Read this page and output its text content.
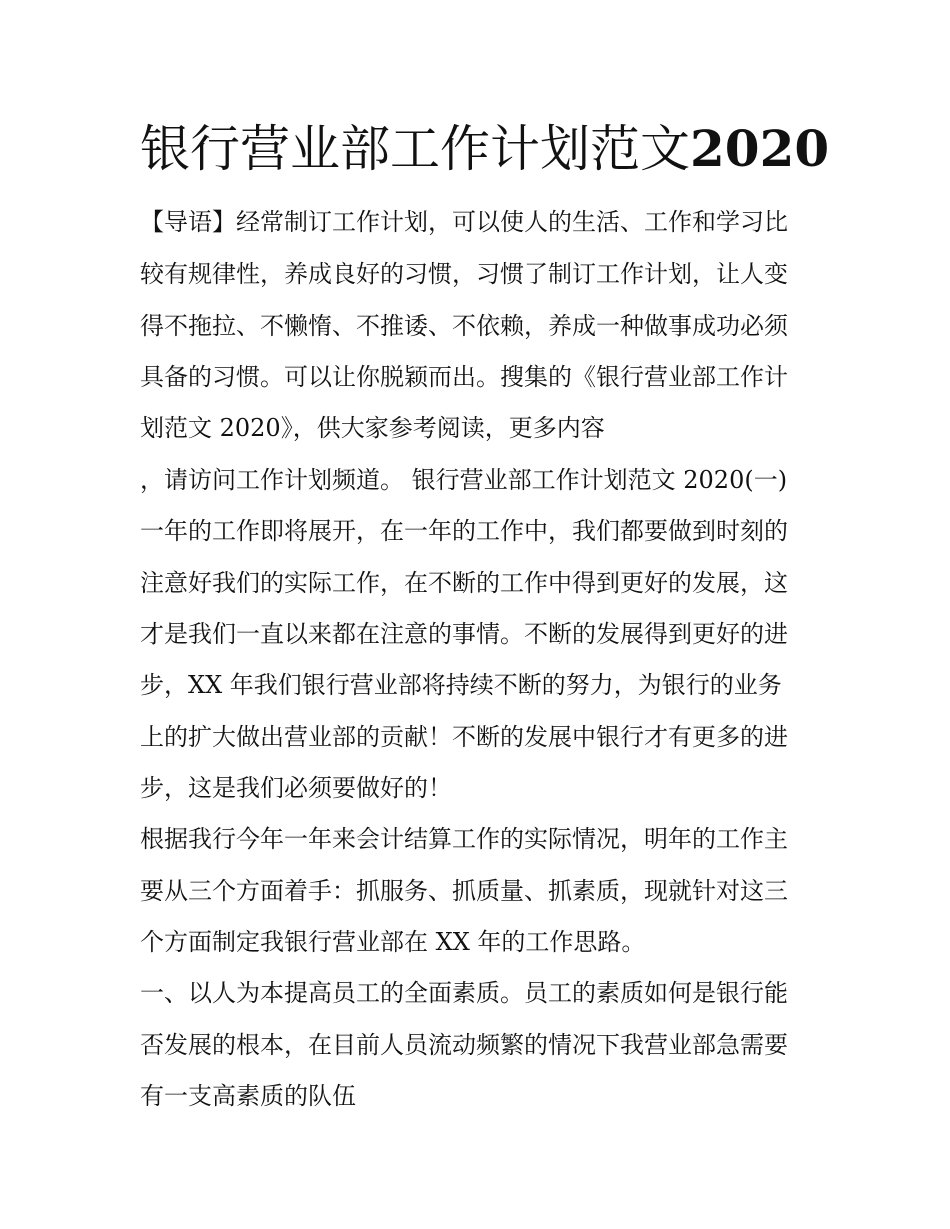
银行营业部工作计划范文2020
【导语】经常制订工作计划，可以使人的生活、工作和学习比
较有规律性，养成良好的习惯，习惯了制订工作计划，让人变
得不拖拉、不懒惰、不推诿、不依赖，养成一种做事成功必须
具备的习惯。可以让你脱颖而出。搜集的《银行营业部工作计
划范文 2020》，供大家参考阅读，更多内容
，请访问工作计划频道。 银行营业部工作计划范文 2020(一)
一年的工作即将展开，在一年的工作中，我们都要做到时刻的
注意好我们的实际工作，在不断的工作中得到更好的发展，这
才是我们一直以来都在注意的事情。不断的发展得到更好的进
步，XX 年我们银行营业部将持续不断的努力，为银行的业务
上的扩大做出营业部的贡献！不断的发展中银行才有更多的进
步，这是我们必须要做好的！
根据我行今年一年来会计结算工作的实际情况，明年的工作主
要从三个方面着手：抓服务、抓质量、抓素质，现就针对这三
个方面制定我银行营业部在 XX 年的工作思路。
一、以人为本提高员工的全面素质。员工的素质如何是银行能
否发展的根本，在目前人员流动频繁的情况下我营业部急需要
有一支高素质的队伍
